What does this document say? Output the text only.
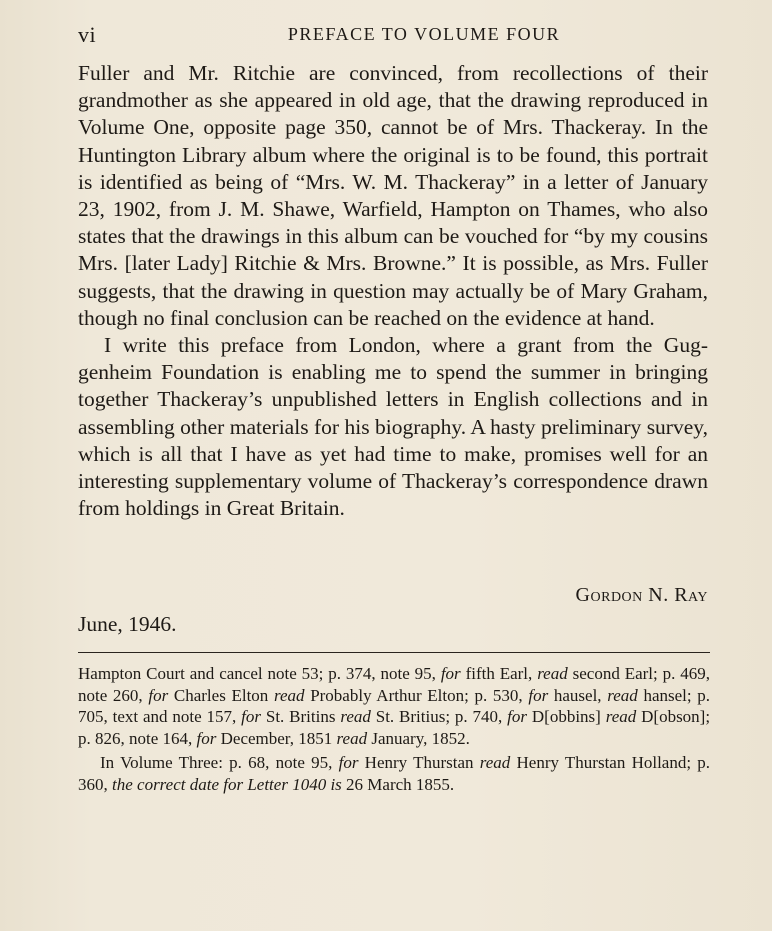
vi	PREFACE TO VOLUME FOUR

Fuller and Mr. Ritchie are convinced, from recollections of their grandmother as she appeared in old age, that the drawing reproduced in Volume One, opposite page 350, cannot be of Mrs. Thackeray. In the Huntington Library album where the original is to be found, this portrait is identified as being of “Mrs. W. M. Thackeray” in a letter of January 23, 1902, from J. M. Shawe, Warfield, Hampton on Thames, who also states that the drawings in this album can be vouched for “by my cousins Mrs. [later Lady] Ritchie & Mrs. Browne.” It is possible, as Mrs. Fuller suggests, that the drawing in question may actually be of Mary Graham, though no final conclusion can be reached on the evidence at hand.

I write this preface from London, where a grant from the Guggenheim Foundation is enabling me to spend the summer in bringing together Thackeray’s unpublished letters in English collections and in assembling other materials for his biography. A hasty preliminary survey, which is all that I have as yet had time to make, promises well for an interesting supplementary volume of Thackeray’s correspondence drawn from holdings in Great Britain.

Gordon N. Ray
June, 1946.

Hampton Court and cancel note 53; p. 374, note 95, for fifth Earl, read second Earl; p. 469, note 260, for Charles Elton read Probably Arthur Elton; p. 530, for hausel, read hansel; p. 705, text and note 157, for St. Britins read St. Britius; p. 740, for D[obbins] read D[obson]; p. 826, note 164, for December, 1851 read January, 1852.

In Volume Three: p. 68, note 95, for Henry Thurstan read Henry Thurstan Holland; p. 360, the correct date for Letter 1040 is 26 March 1855.
